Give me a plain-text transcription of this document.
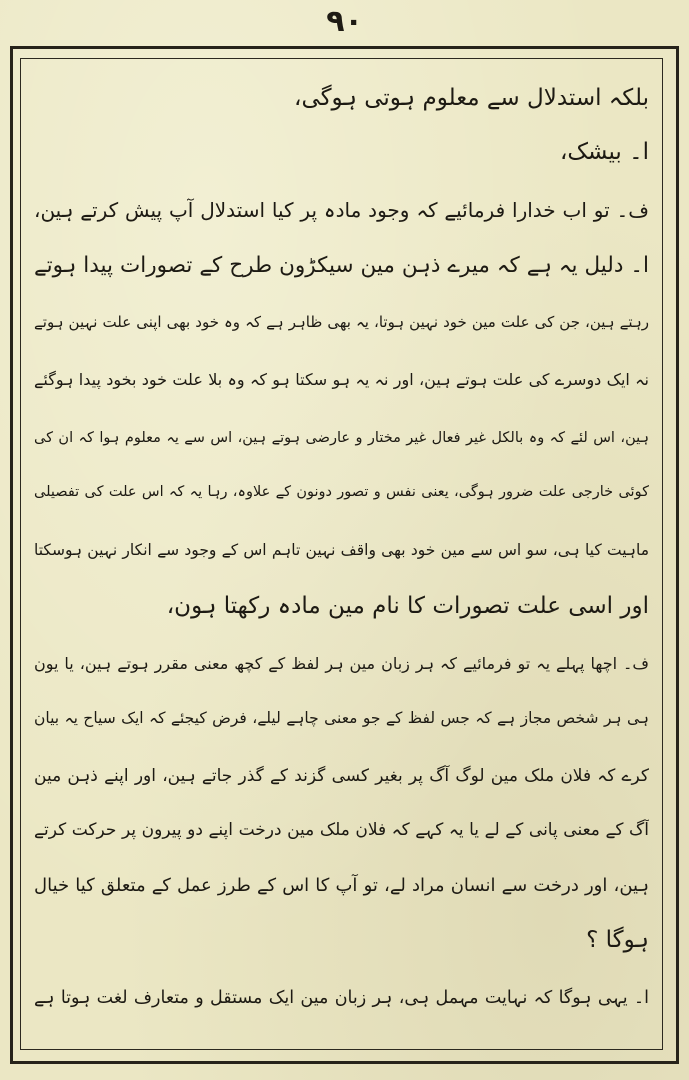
۹۰
بلکہ استدلال سے معلوم ہوتی ہوگی،
ا۔ بیشک،
ف۔ تو اب خدارا فرمائیے کہ وجود مادہ پر کیا استدلال آپ پیش کرتے ہین،
ا۔ دلیل یہ ہے کہ میرے ذہن مین سیکڑون طرح کے تصورات پیدا ہوتے
رہتے ہین، جن کی علت مین خود نہین ہوتا، یہ بھی ظاہر ہے کہ وہ خود بھی اپنی علت نہین ہوتے
نہ ایک دوسرے کی علت ہوتے ہین، اور نہ یہ ہو سکتا ہو کہ وہ بلا علت خود بخود پیدا ہوگئے
ہین، اس لئے کہ وہ بالکل غیر فعال غیر مختار و عارضی ہوتے ہین، اس سے یہ معلوم ہوا کہ ان کی
کوئی خارجی علت ضرور ہوگی، یعنی نفس و تصور دونون کے علاوہ، رہا یہ کہ اس علت کی تفصیلی
ماہیت کیا ہی، سو اس سے مین خود بھی واقف نہین تاہم اس کے وجود سے انکار نہین ہوسکتا
اور اسی علت تصورات کا نام مین مادہ رکھتا ہون،
ف۔ اچھا پہلے یہ تو فرمائیے کہ ہر زبان مین ہر لفظ کے کچھ معنی مقرر ہوتے ہین، یا یون
ہی ہر شخص مجاز ہے کہ جس لفظ کے جو معنی چاہے لیلے، فرض کیجئے کہ ایک سیاح یہ بیان
کرے کہ فلان ملک مین لوگ آگ پر بغیر کسی گزند کے گذر جاتے ہین، اور اپنے ذہن مین
آگ کے معنی پانی کے لے یا یہ کہے کہ فلان ملک مین درخت اپنے دو پیرون پر حرکت کرتے
ہین، اور درخت سے انسان مراد لے، تو آپ کا اس کے طرز عمل کے متعلق کیا خیال
ہوگا ؟
ا۔ یہی ہوگا کہ نہایت مہمل ہی، ہر زبان مین ایک مستقل و متعارف لغت ہوتا ہے
